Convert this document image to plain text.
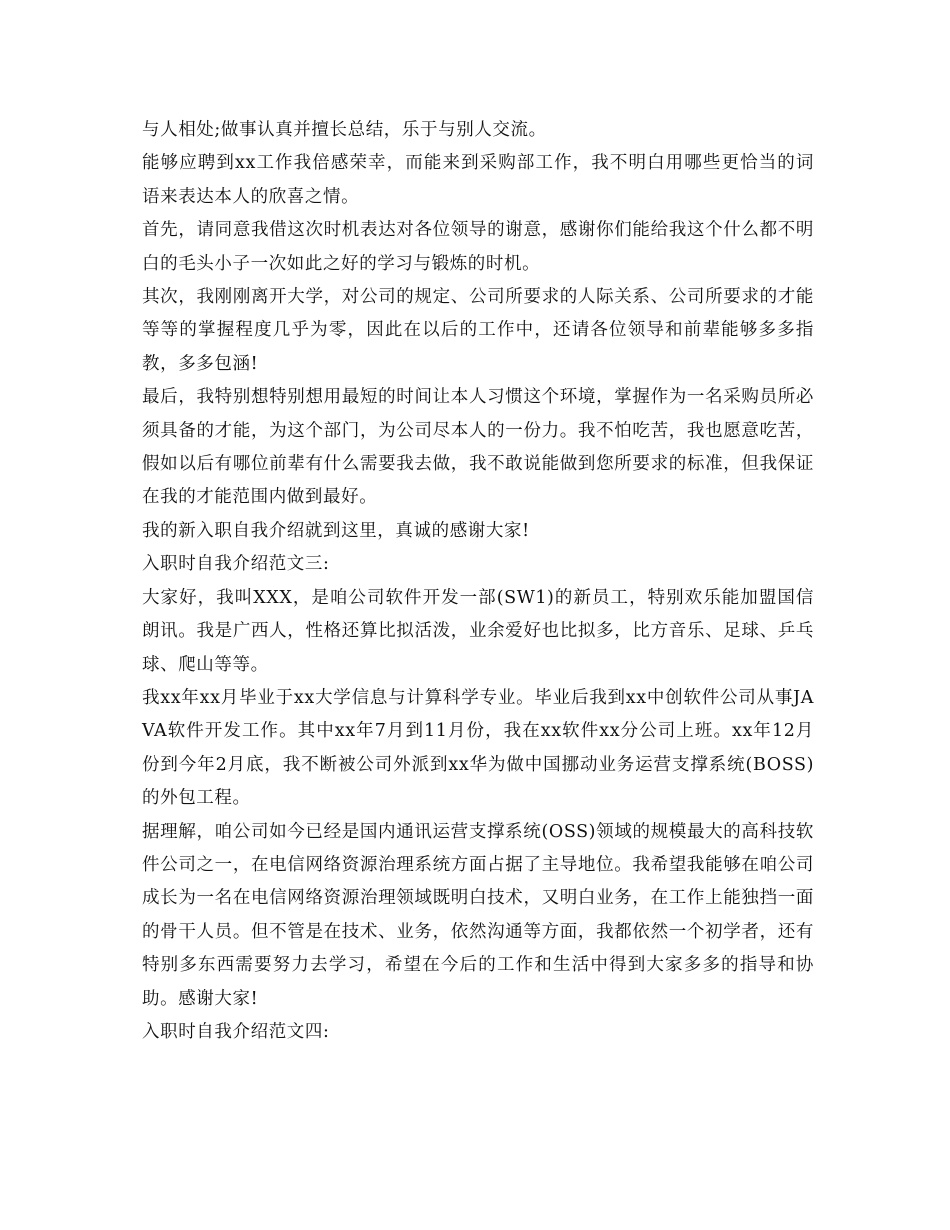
与人相处;做事认真并擅长总结，乐于与别人交流。

能够应聘到xx工作我倍感荣幸，而能来到采购部工作，我不明白用哪些更恰当的词语来表达本人的欣喜之情。

首先，请同意我借这次时机表达对各位领导的谢意，感谢你们能给我这个什么都不明白的毛头小子一次如此之好的学习与锻炼的时机。

其次，我刚刚离开大学，对公司的规定、公司所要求的人际关系、公司所要求的才能等等的掌握程度几乎为零，因此在以后的工作中，还请各位领导和前辈能够多多指教，多多包涵!

最后，我特别想特别想用最短的时间让本人习惯这个环境，掌握作为一名采购员所必须具备的才能，为这个部门，为公司尽本人的一份力。我不怕吃苦，我也愿意吃苦，假如以后有哪位前辈有什么需要我去做，我不敢说能做到您所要求的标准，但我保证在我的才能范围内做到最好。

我的新入职自我介绍就到这里，真诚的感谢大家!

入职时自我介绍范文三:

大家好，我叫XXX，是咱公司软件开发一部(SW1)的新员工，特别欢乐能加盟国信朗讯。我是广西人，性格还算比拟活泼，业余爱好也比拟多，比方音乐、足球、乒乓球、爬山等等。

我xx年xx月毕业于xx大学信息与计算科学专业。毕业后我到xx中创软件公司从事JAVA软件开发工作。其中xx年7月到11月份，我在xx软件xx分公司上班。xx年12月份到今年2月底，我不断被公司外派到xx华为做中国挪动业务运营支撑系统(BOSS)的外包工程。

据理解，咱公司如今已经是国内通讯运营支撑系统(OSS)领域的规模最大的高科技软件公司之一，在电信网络资源治理系统方面占据了主导地位。我希望我能够在咱公司成长为一名在电信网络资源治理领域既明白技术，又明白业务，在工作上能独挡一面的骨干人员。但不管是在技术、业务，依然沟通等方面，我都依然一个初学者，还有特别多东西需要努力去学习，希望在今后的工作和生活中得到大家多多的指导和协助。感谢大家!

入职时自我介绍范文四:
